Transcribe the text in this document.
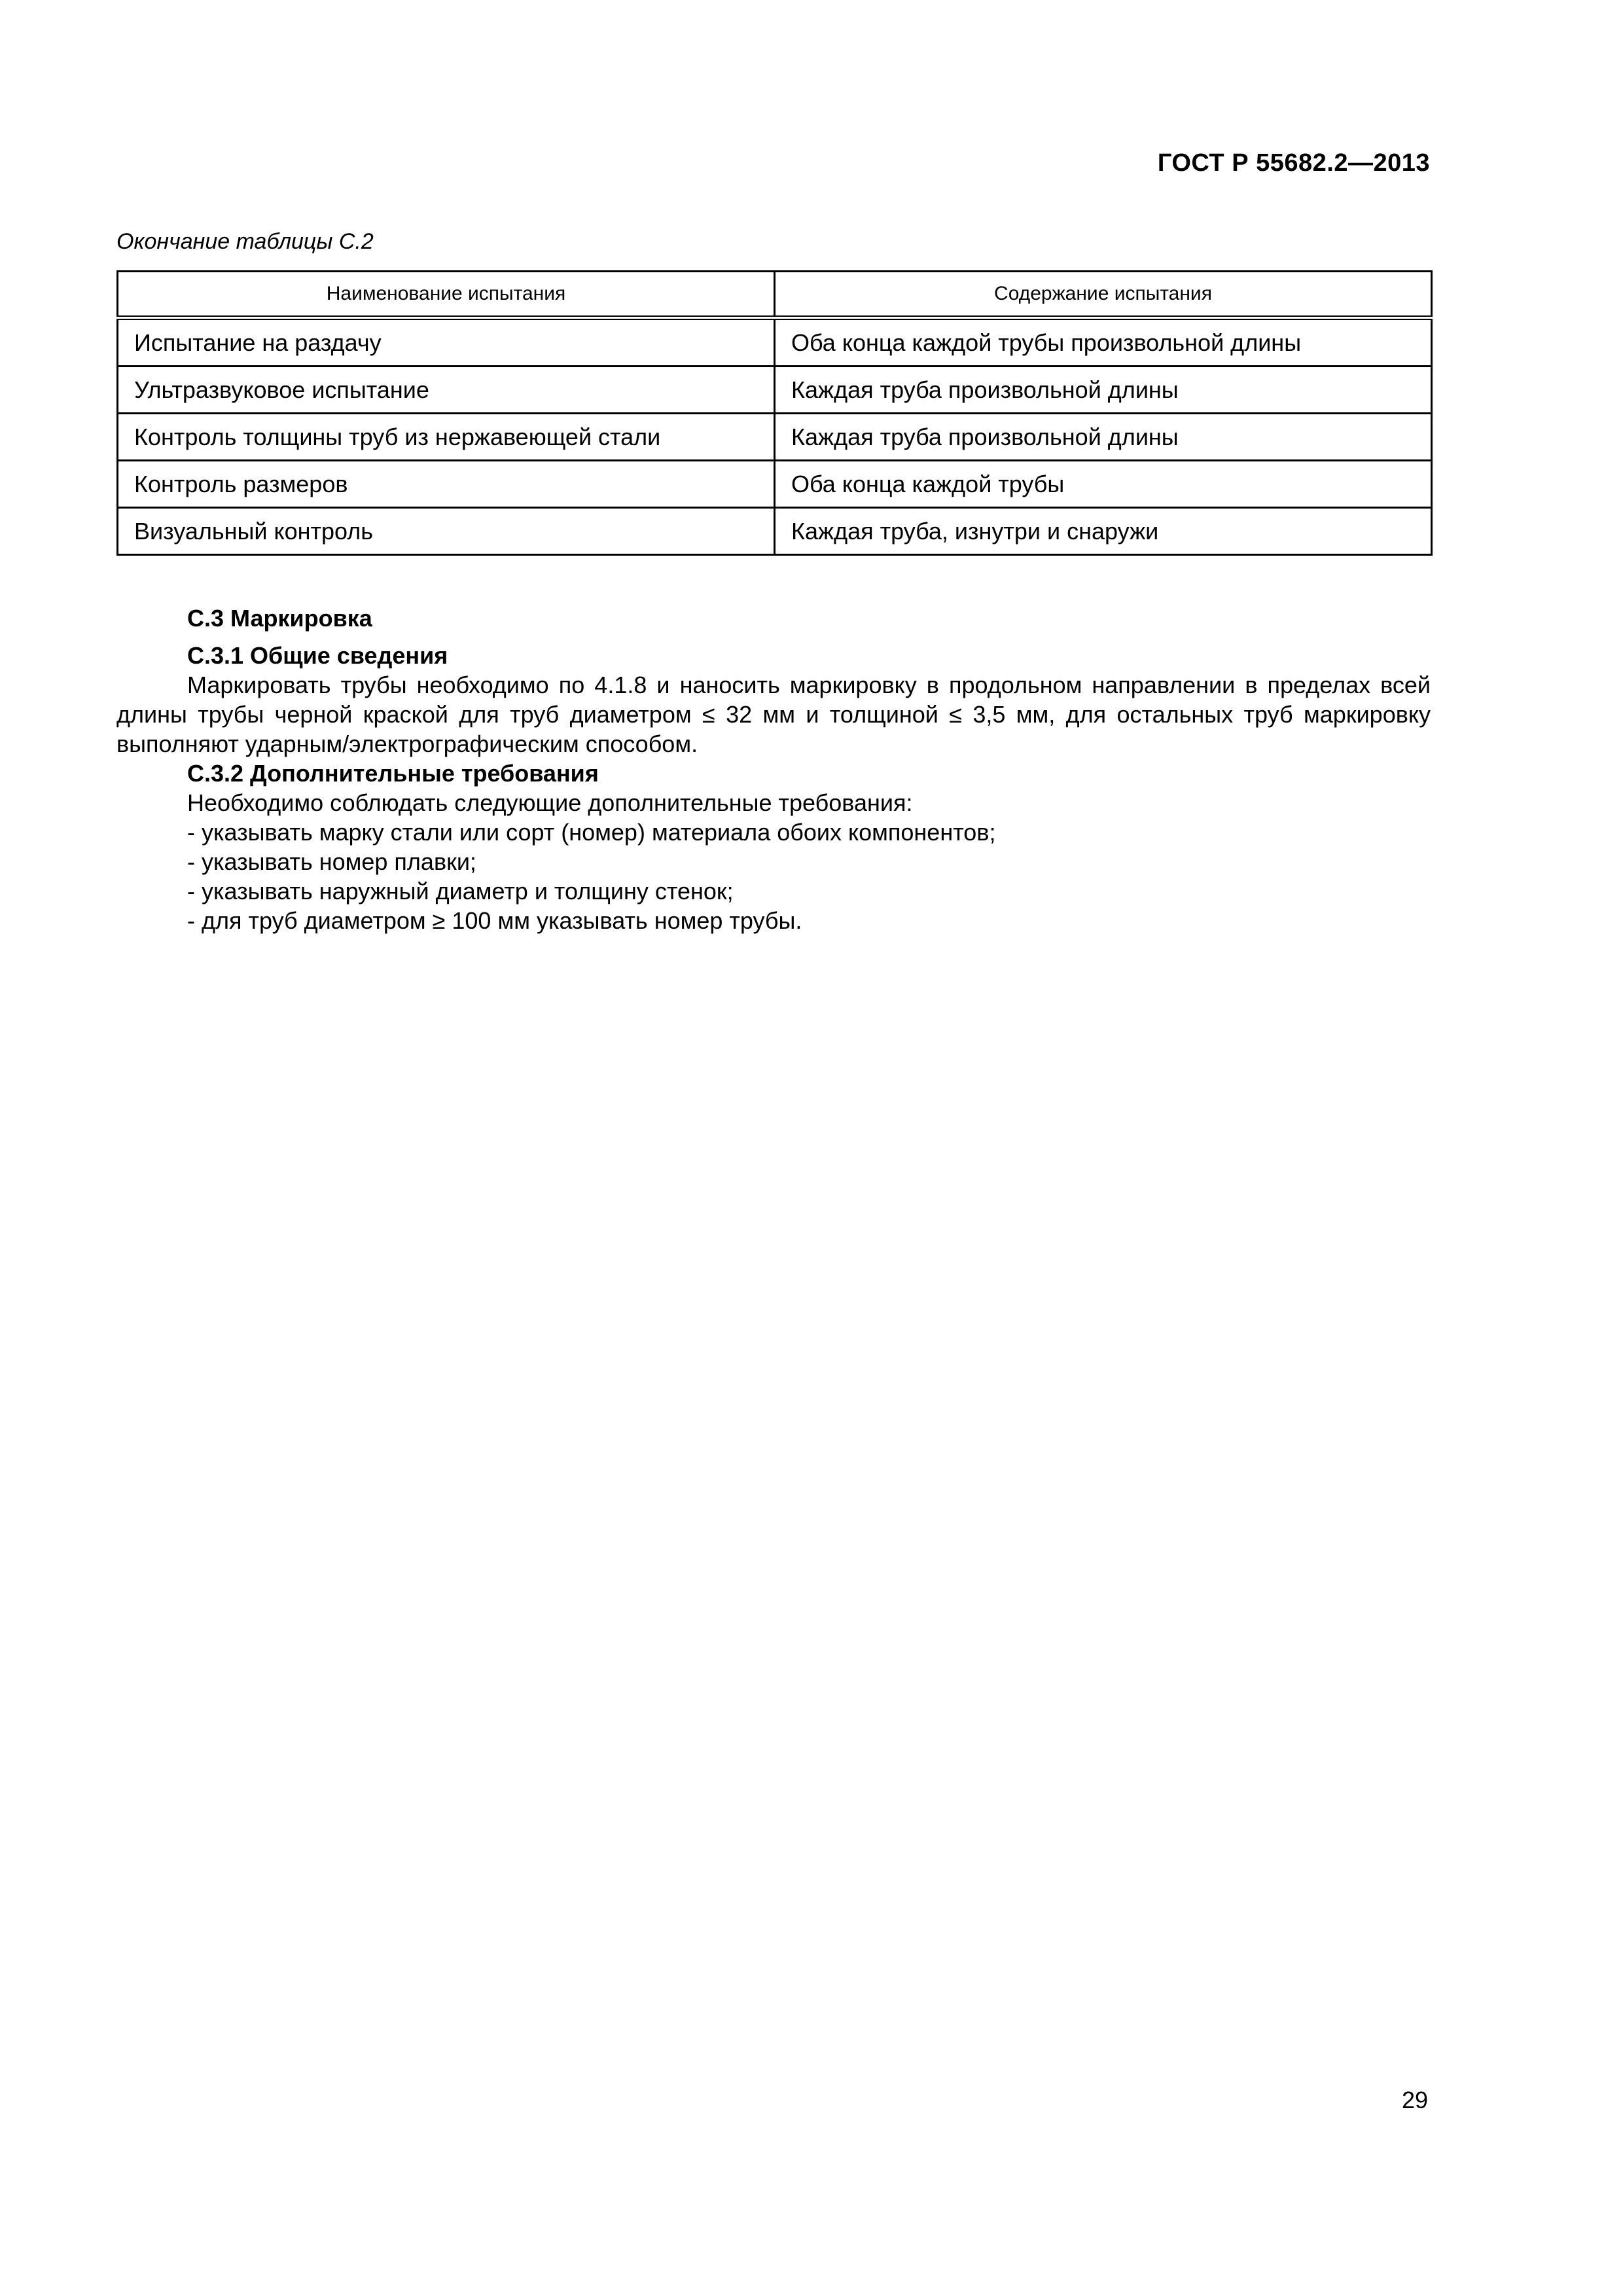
ГОСТ Р 55682.2—2013
Окончание таблицы С.2
Наименование испытания	Содержание испытания
Испытание на раздачу	Оба конца каждой трубы произвольной длины
Ультразвуковое испытание	Каждая труба произвольной длины
Контроль толщины труб из нержавеющей стали	Каждая труба произвольной длины
Контроль размеров	Оба конца каждой трубы
Визуальный контроль	Каждая труба, изнутри и снаружи
С.3 Маркировка
С.3.1 Общие сведения
Маркировать трубы необходимо по 4.1.8 и наносить маркировку в продольном направлении в пределах всей длины трубы черной краской для труб диаметром ≤ 32 мм и толщиной ≤ 3,5 мм, для остальных труб маркировку выполняют ударным/электрографическим способом.
С.3.2 Дополнительные требования
Необходимо соблюдать следующие дополнительные требования:
- указывать марку стали или сорт (номер) материала обоих компонентов;
- указывать номер плавки;
- указывать наружный диаметр и толщину стенок;
- для труб диаметром ≥ 100 мм указывать номер трубы.
29
